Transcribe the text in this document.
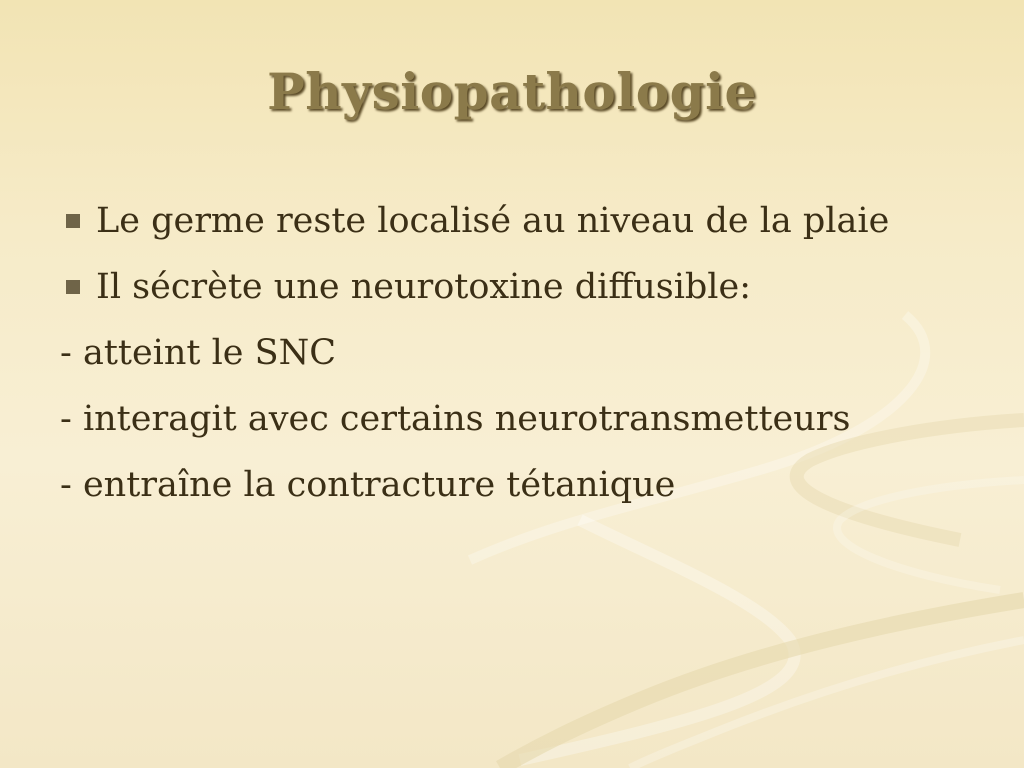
Physiopathologie
Le germe reste localisé au niveau de la plaie
Il sécrète une neurotoxine diffusible:
- atteint le SNC
- interagit avec certains neurotransmetteurs
- entraîne la contracture tétanique
